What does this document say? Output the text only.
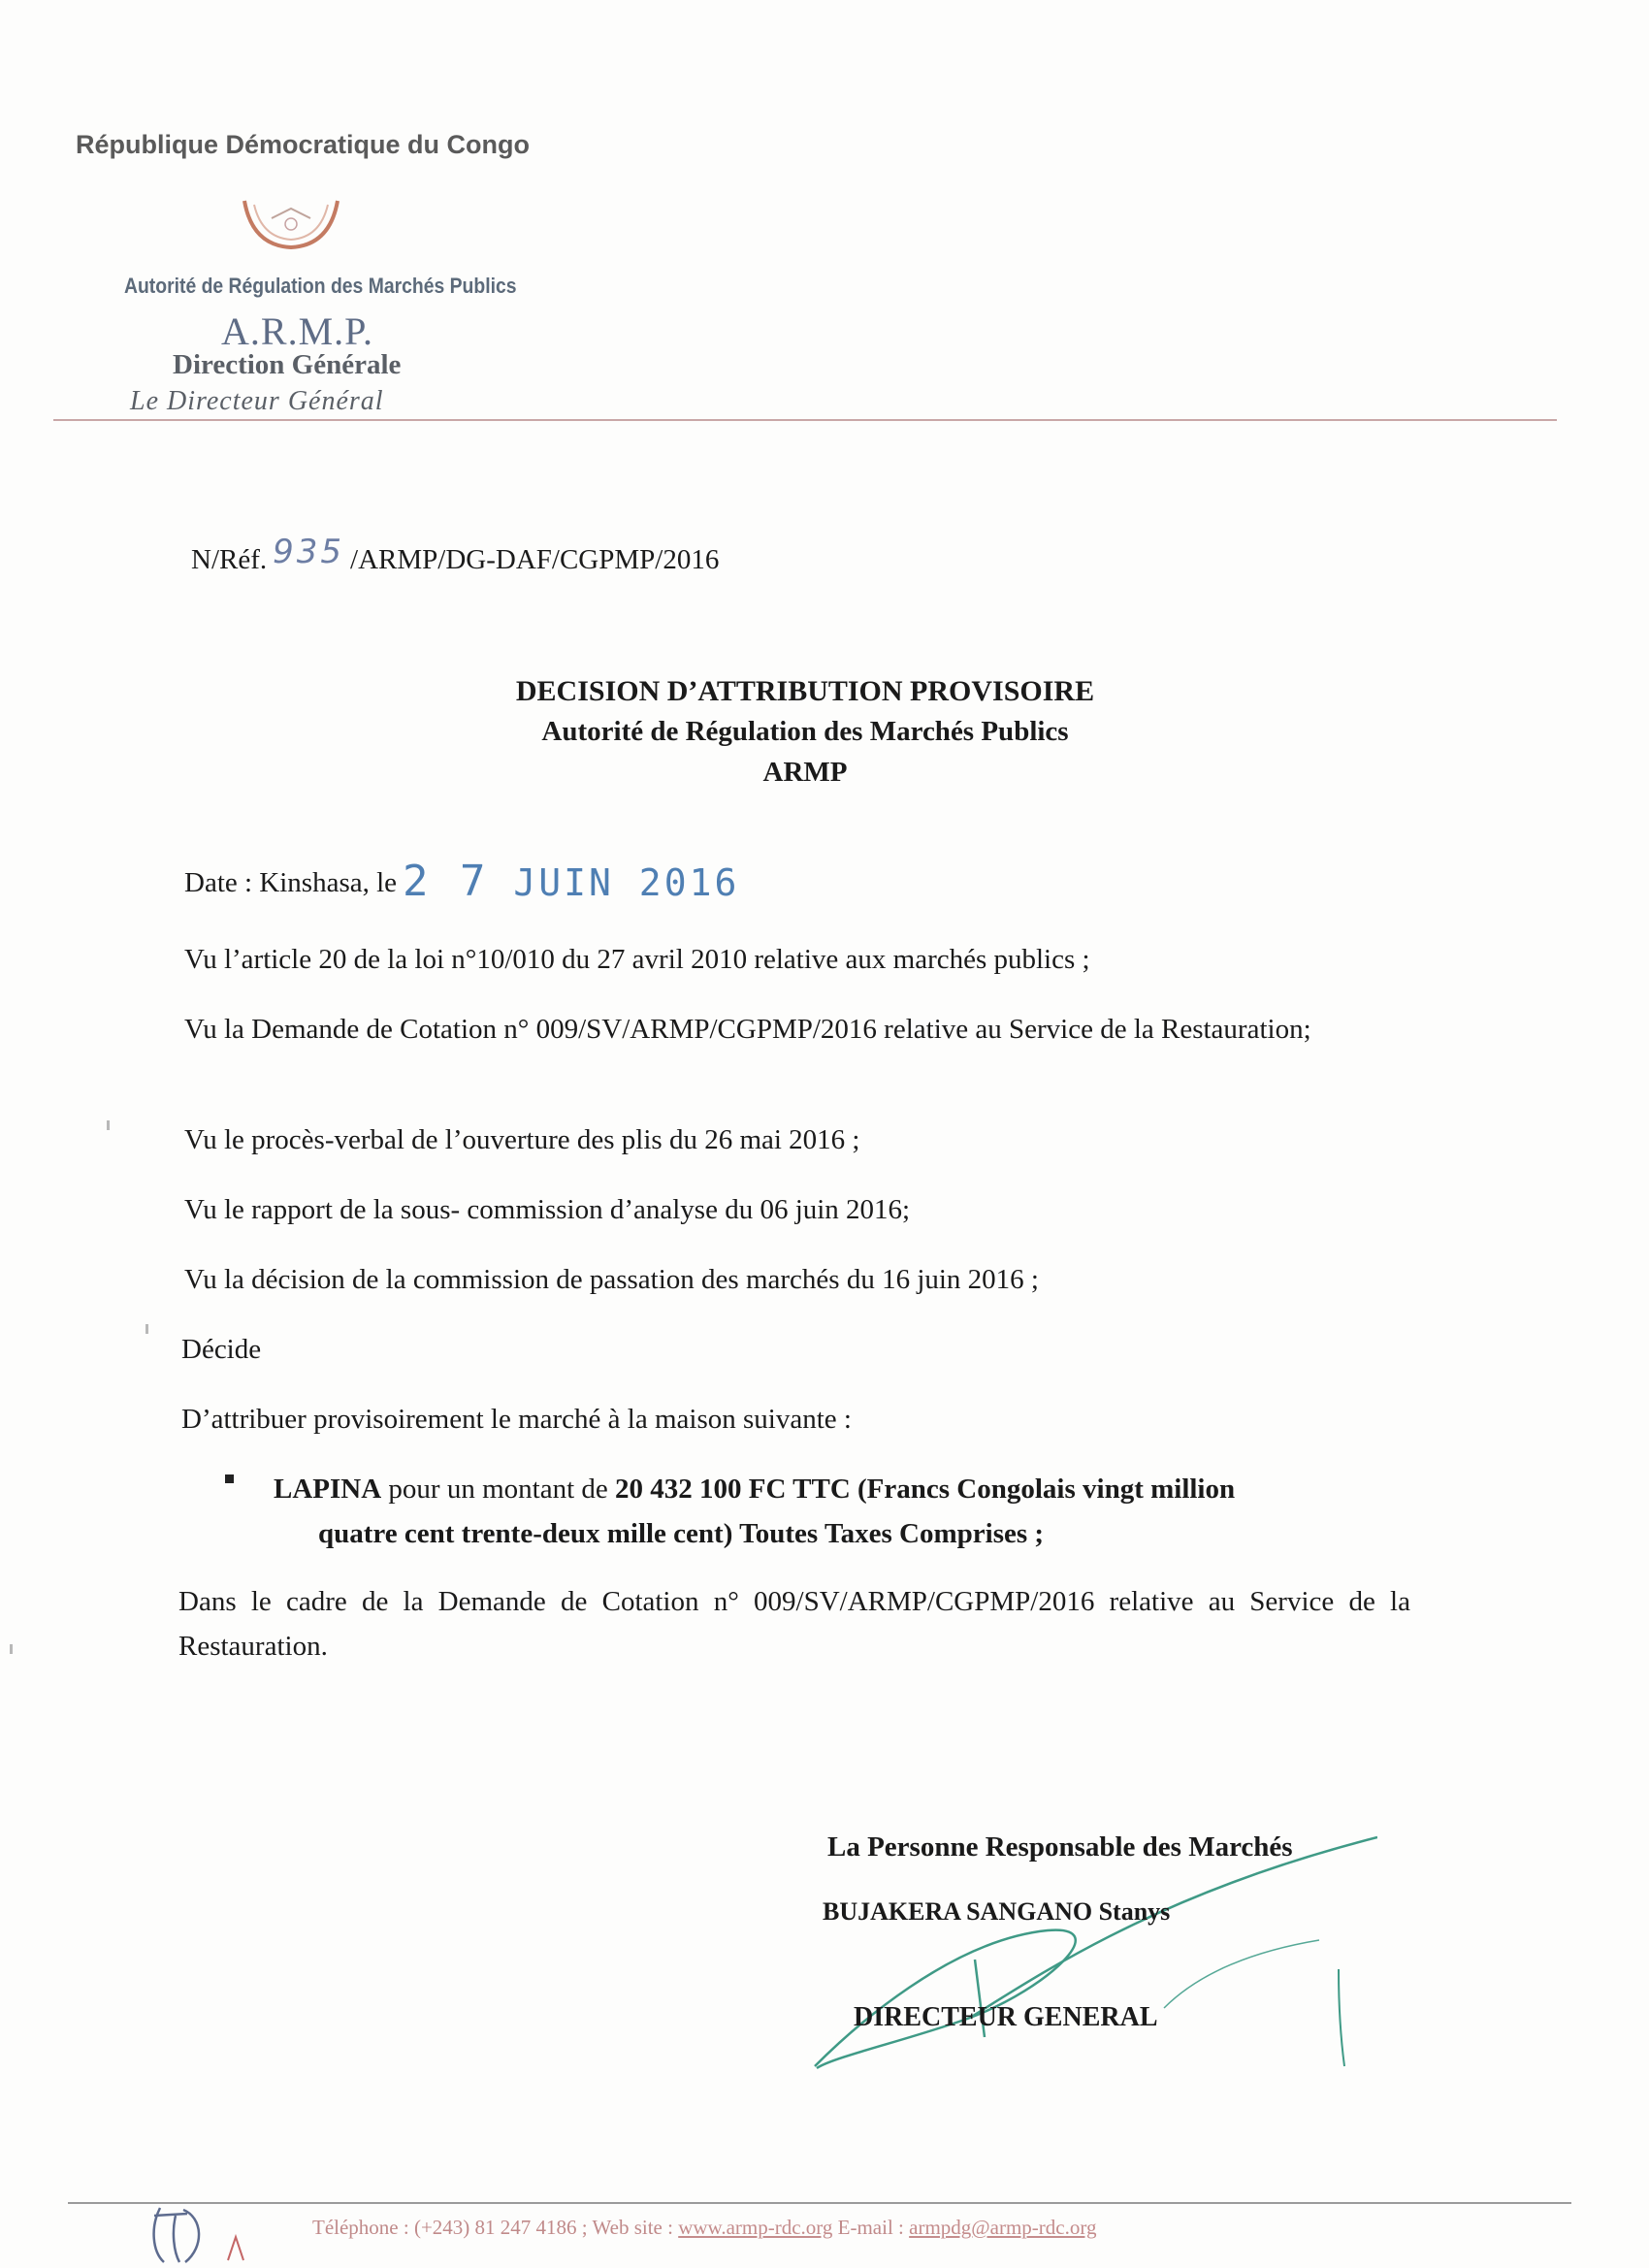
République Démocratique du Congo
Autorité de Régulation des Marchés Publics
A.R.M.P.
Direction Générale
Le Directeur Général
N/Réf. 935 /ARMP/DG-DAF/CGPMP/2016
DECISION D’ATTRIBUTION PROVISOIRE
Autorité de Régulation des Marchés Publics
ARMP
Date : Kinshasa, le 2 7 JUIN 2016
Vu l’article 20 de la loi n°10/010 du 27 avril 2010 relative aux marchés publics ;
Vu la Demande de Cotation n° 009/SV/ARMP/CGPMP/2016 relative au Service de la Restauration;
Vu le procès-verbal de l’ouverture des plis du 26 mai 2016 ;
Vu le rapport de la sous- commission d’analyse du 06 juin 2016;
Vu la décision de la commission de passation des marchés du 16 juin 2016 ;
Décide
D’attribuer provisoirement le marché à la maison suivante :
LAPINA pour un montant de 20 432 100 FC TTC (Francs Congolais vingt million
quatre cent trente-deux mille cent) Toutes Taxes Comprises ;
Dans le cadre de la Demande de Cotation n° 009/SV/ARMP/CGPMP/2016 relative au Service de la Restauration.
La Personne Responsable des Marchés
BUJAKERA SANGANO Stanys
DIRECTEUR GENERAL
Téléphone : (+243) 81 247 4186 ; Web site : www.armp-rdc.org E-mail : armpdg@armp-rdc.org
